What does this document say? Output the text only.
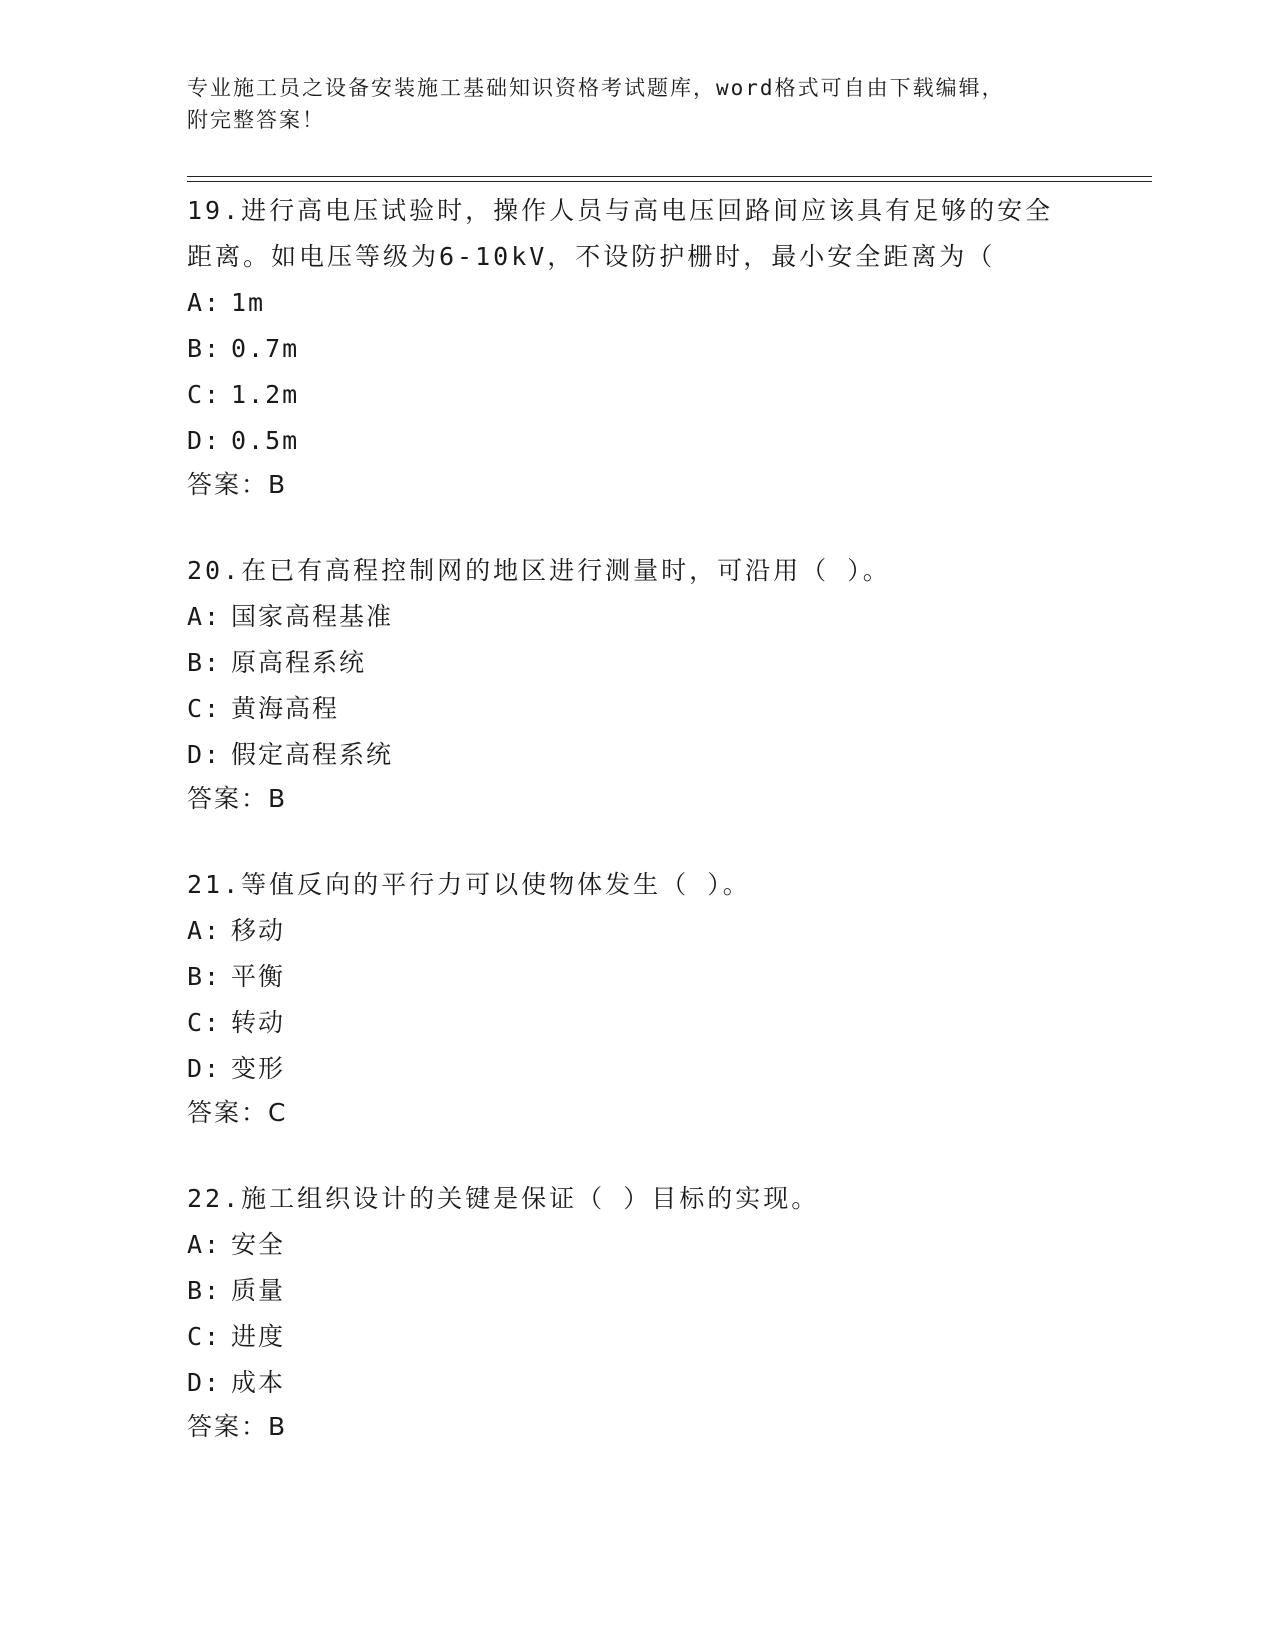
专业施工员之设备安装施工基础知识资格考试题库，word格式可自由下载编辑，
附完整答案！
19.进行高电压试验时，操作人员与高电压回路间应该具有足够的安全
距离。如电压等级为6-10kV，不设防护栅时，最小安全距离为（
A: 1m
B: 0.7m
C: 1.2m
D: 0.5m
答案：B
20.在已有高程控制网的地区进行测量时，可沿用（ ）。
A: 国家高程基准
B: 原高程系统
C: 黄海高程
D: 假定高程系统
答案：B
21.等值反向的平行力可以使物体发生（ ）。
A: 移动
B: 平衡
C: 转动
D: 变形
答案：C
22.施工组织设计的关键是保证（ ）目标的实现。
A: 安全
B: 质量
C: 进度
D: 成本
答案：B
